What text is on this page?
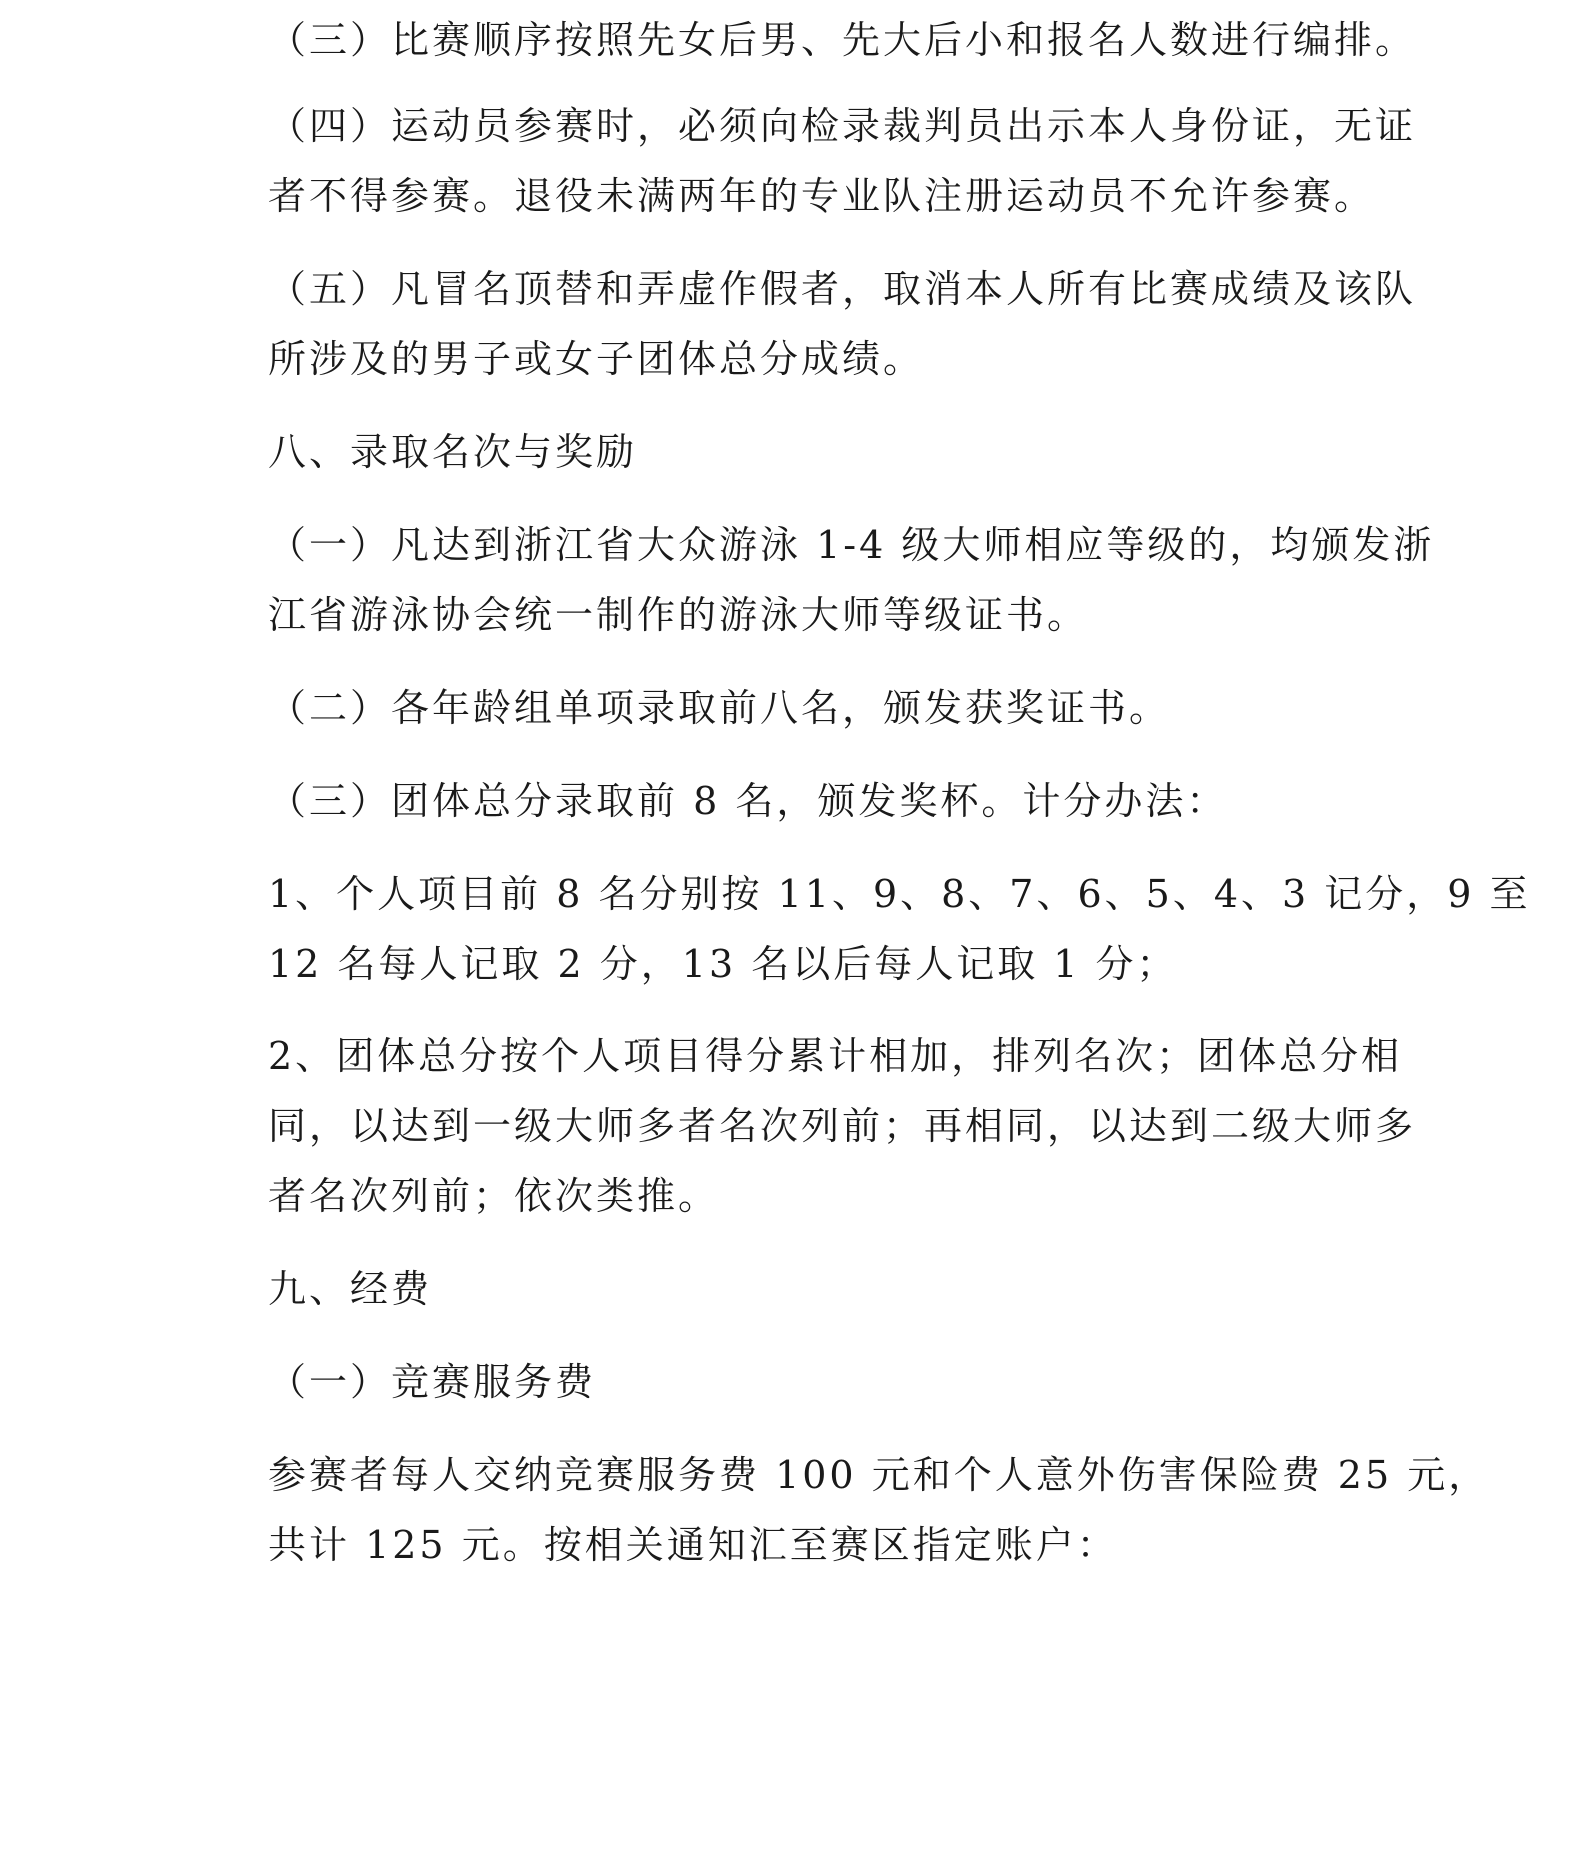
（三）比赛顺序按照先女后男、先大后小和报名人数进行编排。
（四）运动员参赛时，必须向检录裁判员出示本人身份证，无证
者不得参赛。退役未满两年的专业队注册运动员不允许参赛。
（五）凡冒名顶替和弄虚作假者，取消本人所有比赛成绩及该队
所涉及的男子或女子团体总分成绩。
八、录取名次与奖励
（一）凡达到浙江省大众游泳 1-4 级大师相应等级的，均颁发浙
江省游泳协会统一制作的游泳大师等级证书。
（二）各年龄组单项录取前八名，颁发获奖证书。
（三）团体总分录取前 8 名，颁发奖杯。计分办法：
1、个人项目前 8 名分别按 11、9、8、7、6、5、4、3 记分，9 至
12 名每人记取 2 分，13 名以后每人记取 1 分；
2、团体总分按个人项目得分累计相加，排列名次；团体总分相
同，以达到一级大师多者名次列前；再相同，以达到二级大师多
者名次列前；依次类推。
九、经费
（一）竞赛服务费
参赛者每人交纳竞赛服务费 100 元和个人意外伤害保险费 25 元，
共计 125 元。按相关通知汇至赛区指定账户：
